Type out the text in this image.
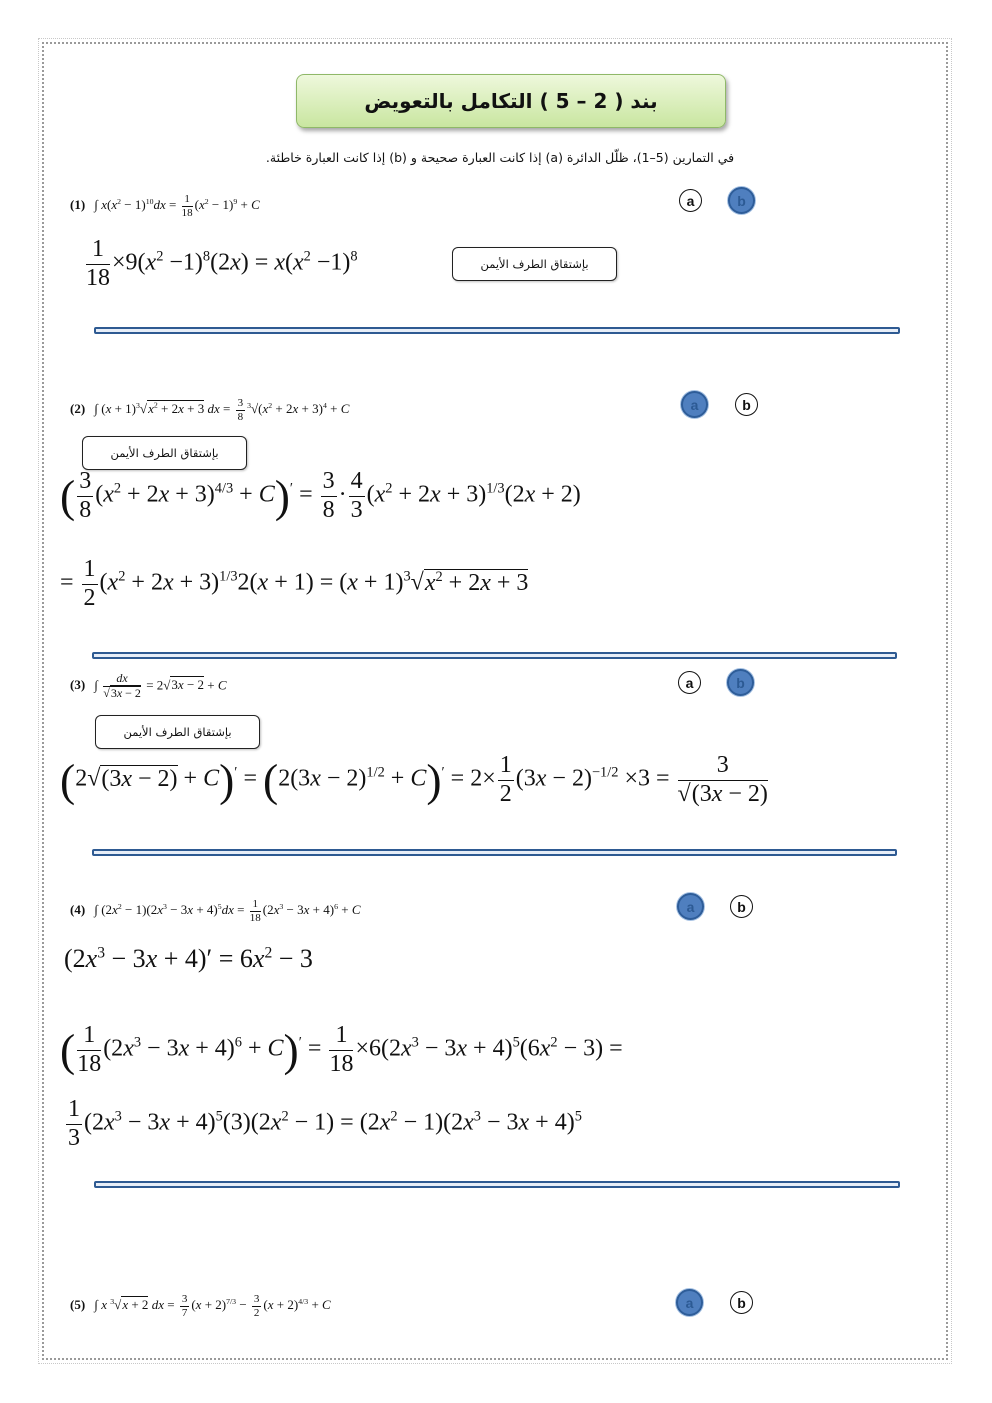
بند ( 2 – 5 ) التكامل بالتعويض
في التمارين (5–1)، ظلّل الدائرة (a) إذا كانت العبارة صحيحة و (b) إذا كانت العبارة خاطئة.
(1) ∫ $x(x^2 - 1)^{10}dx = \frac{1}{18} (x^2 - 1)^9 + C$	a	b
$\frac{1}{18} \times 9(x^2 -1)^8(2x) = x(x^2 -1)^8$	بإشتقاق الطرف الأيمن
(2) ∫ $(x + 1)^3√x^2 + 2x + 3$ dx = $\frac{3}{8} ^3√(x^2 + 2x + 3)^4 + C$	a	b
بإشتقاق الطرف الأيمن
( $\frac{3}{8} (x^2 + 2x + 3)^{4/3} + C)' = \frac{3}{8} \cdot \frac{4}{3} (x^2 + 2x + 3)^{1/3}(2x + 2)$
= $\frac{1}{2} (x^2 + 2x + 3)^{1/3}2(x + 1) = (x + 1)^3√x^2 + 2x + 3$
(3) ∫ $\frac{dx}{√3x - 2} = 2√3x - 2 + C$	a	b
بإشتقاق الطرف الأيمن
$(2√(3x - 2) + C)' = (2(3x - 2)^{1/2} + C)' = 2\times \frac{1}{2} (3x - 2)^{-1/2} \times 3 = \frac{3}{√(3x - 2)}$
(4) ∫ $(2x^2 - 1)(2x^3 - 3x + 4)^5dx = \frac{1}{18} (2x^3 - 3x + 4)^6 + C$	a	b
$(2x^3 - 3x + 4)' = 6x^2 - 3$
( $\frac{1}{18} (2x^3 - 3x + 4)^6 + C)' = \frac{1}{18} \times 6(2x^3 - 3x + 4)^5(6x^2 - 3)$ =
$\frac{1}{3} (2x^3 - 3x + 4)^5(3)(2x^2 - 1) = (2x^2 - 1)(2x^3 - 3x + 4)^5$
(5) ∫ x $^3$√x + 2 dx = $\frac{3}{7} (x + 2)^{7/3} - \frac{3}{2} (x + 2)^{4/3} + C$	a	b
